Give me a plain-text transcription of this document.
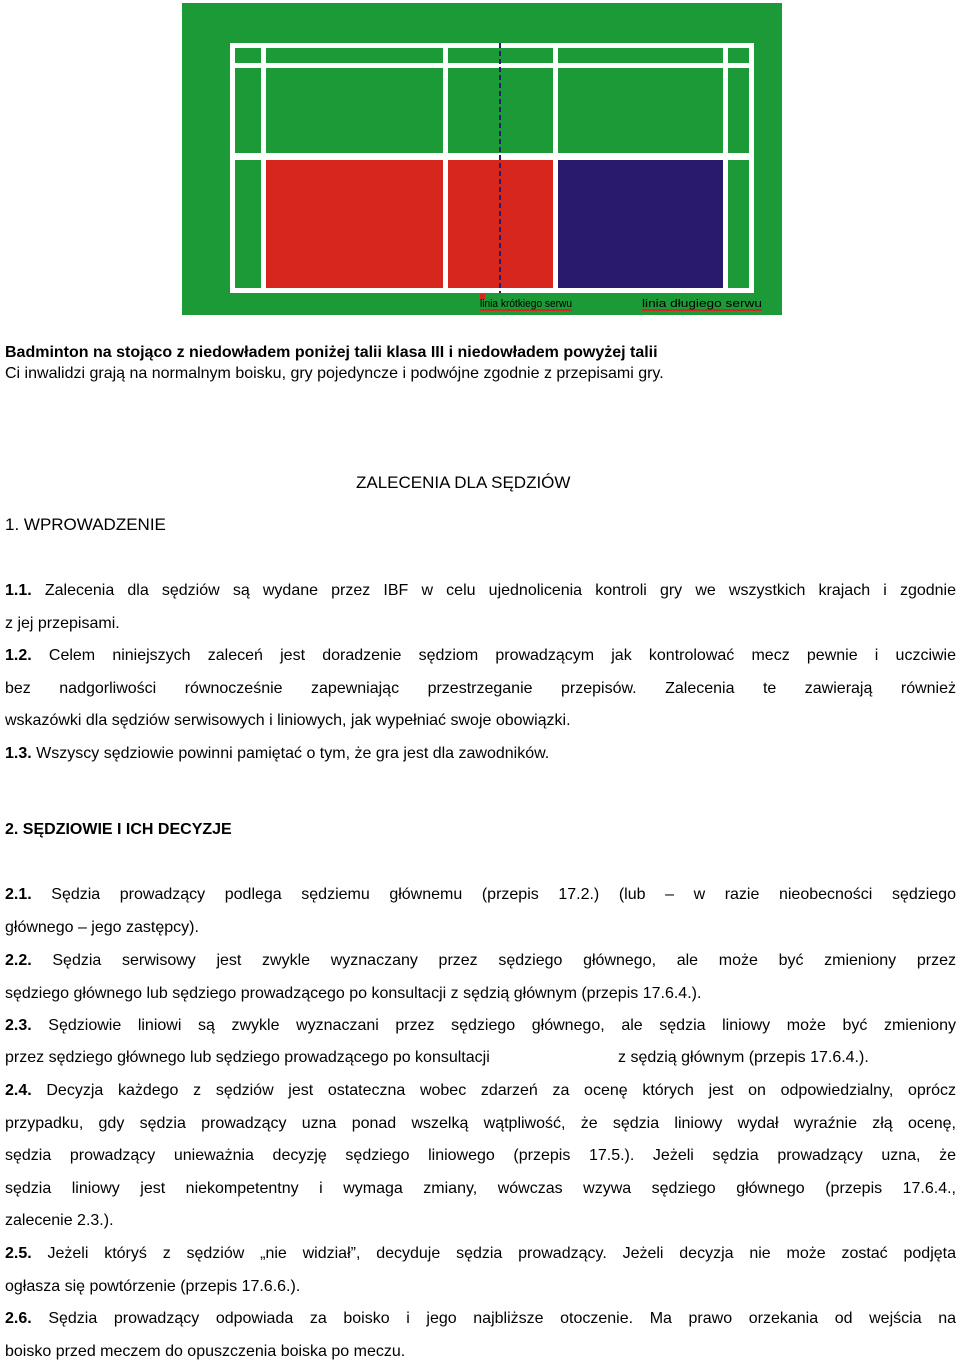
linia krótkiego serwu	linia długiego serwu
Badminton na stojąco z niedowładem poniżej talii klasa III i niedowładem powyżej talii
Ci inwalidzi grają na normalnym boisku, gry pojedyncze i podwójne zgodnie z przepisami gry.
ZALECENIA DLA SĘDZIÓW
1. WPROWADZENIE
1.1. Zalecenia dla sędziów są wydane przez IBF w celu ujednolicenia kontroli gry we wszystkich krajach i zgodnie
z jej przepisami.
1.2. Celem niniejszych zaleceń jest doradzenie sędziom prowadzącym jak kontrolować mecz pewnie i uczciwie
bez nadgorliwości równocześnie zapewniając przestrzeganie przepisów. Zalecenia te zawierają również
wskazówki dla sędziów serwisowych i liniowych, jak wypełniać swoje obowiązki.
1.3. Wszyscy sędziowie powinni pamiętać o tym, że gra jest dla zawodników.
2. SĘDZIOWIE I ICH DECYZJE
2.1. Sędzia prowadzący podlega sędziemu głównemu (przepis 17.2.) (lub – w razie nieobecności sędziego
głównego – jego zastępcy).
2.2. Sędzia serwisowy jest zwykle wyznaczany przez sędziego głównego, ale może być zmieniony przez
sędziego głównego lub sędziego prowadzącego po konsultacji z sędzią głównym (przepis 17.6.4.).
2.3. Sędziowie liniowi są zwykle wyznaczani przez sędziego głównego, ale sędzia liniowy może być zmieniony
przez sędziego głównego lub sędziego prowadzącego po konsultacji	z sędzią głównym (przepis 17.6.4.).
2.4. Decyzja każdego z sędziów jest ostateczna wobec zdarzeń za ocenę których jest on odpowiedzialny, oprócz
przypadku, gdy sędzia prowadzący uzna ponad wszelką wątpliwość, że sędzia liniowy wydał wyraźnie złą ocenę,
sędzia prowadzący unieważnia decyzję sędziego liniowego (przepis 17.5.). Jeżeli sędzia prowadzący uzna, że
sędzia liniowy jest niekompetentny i wymaga zmiany, wówczas wzywa sędziego głównego (przepis 17.6.4.,
zalecenie 2.3.).
2.5. Jeżeli któryś z sędziów „nie widział”, decyduje sędzia prowadzący. Jeżeli decyzja nie może zostać podjęta
ogłasza się powtórzenie (przepis 17.6.6.).
2.6. Sędzia prowadzący odpowiada za boisko i jego najbliższe otoczenie. Ma prawo orzekania od wejścia na
boisko przed meczem do opuszczenia boiska po meczu.
